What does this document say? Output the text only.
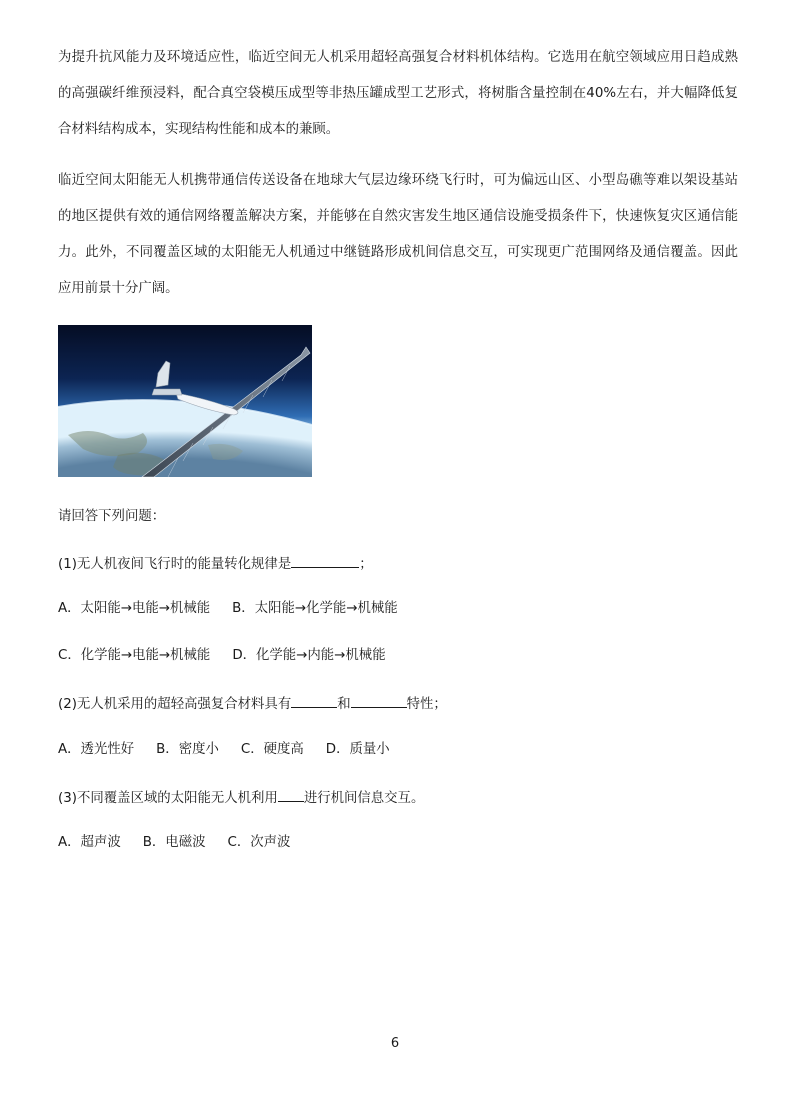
为提升抗风能力及环境适应性，临近空间无人机采用超轻高强复合材料机体结构。它选用在航空领域应用日趋成熟的高强碳纤维预浸料，配合真空袋模压成型等非热压罐成型工艺形式，将树脂含量控制在40%左右，并大幅降低复合材料结构成本，实现结构性能和成本的兼顾。

临近空间太阳能无人机携带通信传送设备在地球大气层边缘环绕飞行时，可为偏远山区、小型岛礁等难以架设基站的地区提供有效的通信网络覆盖解决方案，并能够在自然灾害发生地区通信设施受损条件下，快速恢复灾区通信能力。此外，不同覆盖区域的太阳能无人机通过中继链路形成机间信息交互，可实现更广范围网络及通信覆盖。因此应用前景十分广阔。

请回答下列问题：

(1)无人机夜间飞行时的能量转化规律是	；

A．太阳能→电能→机械能 B．太阳能→化学能→机械能

C．化学能→电能→机械能 D．化学能→内能→机械能

(2)无人机采用的超轻高强复合材料具有	和	特性；

A．透光性好 B．密度小 C．硬度高 D．质量小

(3)不同覆盖区域的太阳能无人机利用 进行机间信息交互。

A．超声波 B．电磁波 C．次声波

6
